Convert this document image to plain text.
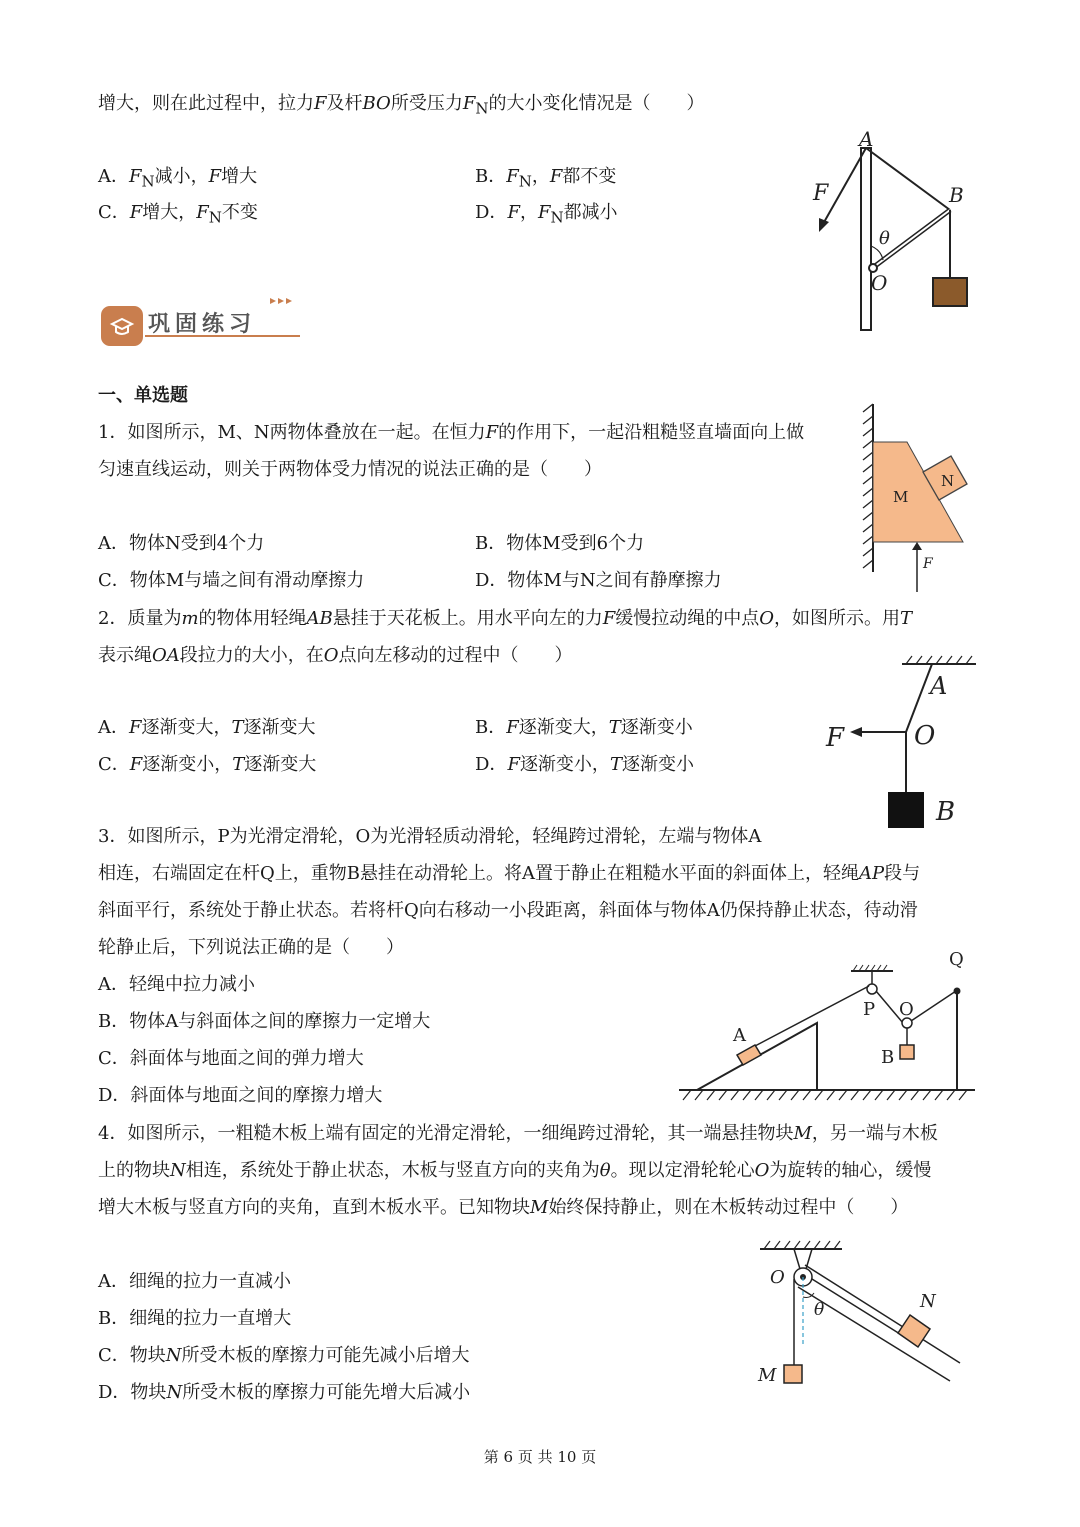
增大，则在此过程中，拉力F及杆BO所受压力$F_N$的大小变化情况是（　　）
A．$F_N$减小，F增大	B．$F_N$，F都不变
C．F增大，$F_N$不变	D．F，$F_N$都减小
A
B
F
θ
O
巩固练习
一、单选题
1．如图所示，M、N两物体叠放在一起。在恒力F的作用下，一起沿粗糙竖直墙面向上做
匀速直线运动，则关于两物体受力情况的说法正确的是（　　）
A．物体N受到4个力	B．物体M受到6个力
C．物体M与墙之间有滑动摩擦力	D．物体M与N之间有静摩擦力
M
N
F
2．质量为m的物体用轻绳AB悬挂于天花板上。用水平向左的力F缓慢拉动绳的中点O，如图所示。用T
表示绳OA段拉力的大小，在O点向左移动的过程中（　　）
A．F逐渐变大，T逐渐变大	B．F逐渐变大，T逐渐变小
C．F逐渐变小，T逐渐变大	D．F逐渐变小，T逐渐变小
A
F	O
B
3．如图所示，P为光滑定滑轮，O为光滑轻质动滑轮，轻绳跨过滑轮，左端与物体A
相连，右端固定在杆Q上，重物B悬挂在动滑轮上。将A置于静止在粗糙水平面的斜面体上，轻绳AP段与
斜面平行，系统处于静止状态。若将杆Q向右移动一小段距离，斜面体与物体A仍保持静止状态，待动滑
轮静止后，下列说法正确的是（　　）
A．轻绳中拉力减小
B．物体A与斜面体之间的摩擦力一定增大
C．斜面体与地面之间的弹力增大
D．斜面体与地面之间的摩擦力增大
A
P O
Q
B
4．如图所示，一粗糙木板上端有固定的光滑定滑轮，一细绳跨过滑轮，其一端悬挂物块M，另一端与木板
上的物块N相连，系统处于静止状态，木板与竖直方向的夹角为θ。现以定滑轮轮心O为旋转的轴心，缓慢
增大木板与竖直方向的夹角，直到木板水平。已知物块M始终保持静止，则在木板转动过程中（　　）
A．细绳的拉力一直减小
B．细绳的拉力一直增大
C．物块N所受木板的摩擦力可能先减小后增大
D．物块N所受木板的摩擦力可能先增大后减小
O
θ	N
M
第 6 页 共 10 页
